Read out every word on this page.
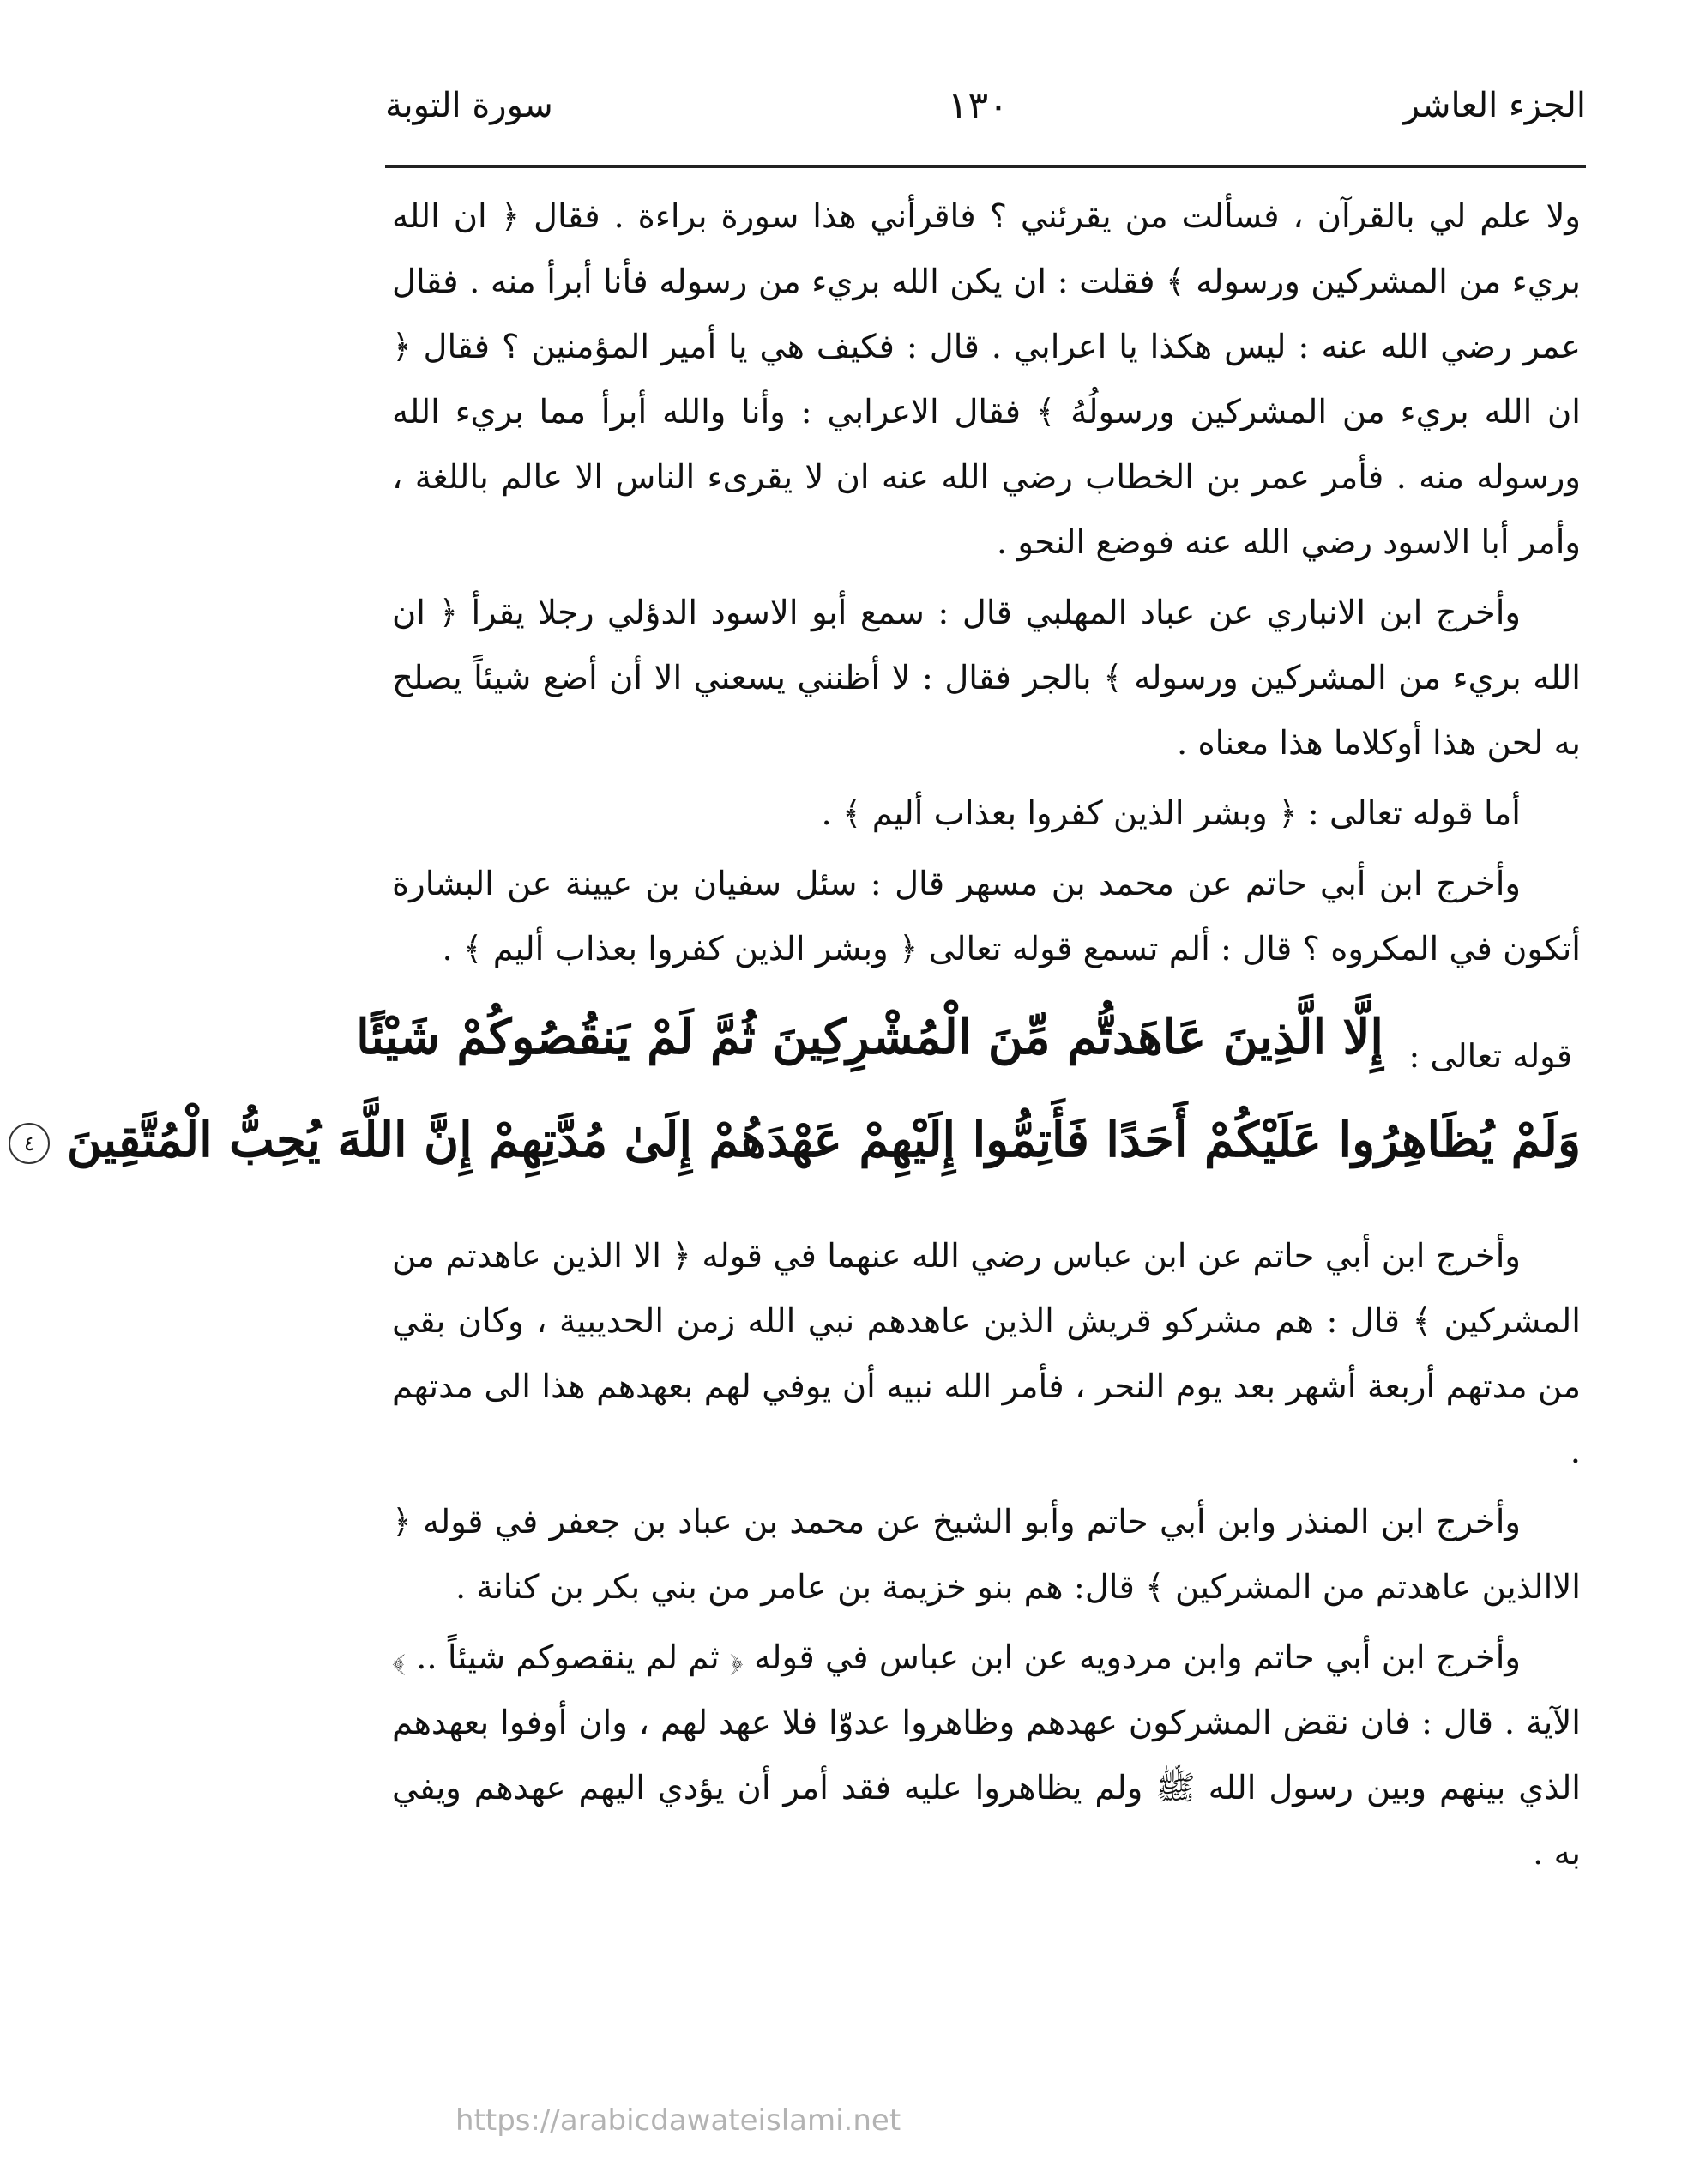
الجزء العاشر
١٣٠
سورة التوبة

ولا علم لي بالقرآن ، فسألت من يقرئني ؟ فاقرأني هذا سورة براءة . فقال ﴿ ان الله بريء من المشركين ورسوله ﴾ فقلت : ان يكن الله بريء من رسوله فأنا أبرأ منه . فقال عمر رضي الله عنه : ليس هكذا يا اعرابي . قال : فكيف هي يا أمير المؤمنين ؟ فقال ﴿ ان الله بريء من المشركين ورسولُهُ ﴾ فقال الاعرابي : وأنا والله أبرأ مما بريء الله ورسوله منه . فأمر عمر بن الخطاب رضي الله عنه ان لا يقرىء الناس الا عالم باللغة ، وأمر أبا الاسود رضي الله عنه فوضع النحو .

وأخرج ابن الانباري عن عباد المهلبي قال : سمع أبو الاسود الدؤلي رجلا يقرأ ﴿ ان الله بريء من المشركين ورسوله ﴾ بالجر فقال : لا أظنني يسعني الا أن أضع شيئاً يصلح به لحن هذا أوكلاما هذا معناه .

أما قوله تعالى : ﴿ وبشر الذين كفروا بعذاب أليم ﴾ .

وأخرج ابن أبي حاتم عن محمد بن مسهر قال : سئل سفيان بن عيينة عن البشارة أتكون في المكروه ؟ قال : ألم تسمع قوله تعالى ﴿ وبشر الذين كفروا بعذاب أليم ﴾ .

قوله تعالى :
إِلَّا الَّذِينَ عَاهَدتُّم مِّنَ الْمُشْرِكِينَ ثُمَّ لَمْ يَنقُصُوكُمْ شَيْئًا
وَلَمْ يُظَاهِرُوا عَلَيْكُمْ أَحَدًا فَأَتِمُّوا إِلَيْهِمْ عَهْدَهُمْ إِلَىٰ مُدَّتِهِمْ إِنَّ اللَّهَ يُحِبُّ الْمُتَّقِينَ ٤

وأخرج ابن أبي حاتم عن ابن عباس رضي الله عنهما في قوله ﴿ الا الذين عاهدتم من المشركين ﴾ قال : هم مشركو قريش الذين عاهدهم نبي الله زمن الحديبية ، وكان بقي من مدتهم أربعة أشهر بعد يوم النحر ، فأمر الله نبيه أن يوفي لهم بعهدهم هذا الى مدتهم .

وأخرج ابن المنذر وابن أبي حاتم وأبو الشيخ عن محمد بن عباد بن جعفر في قوله ﴿ الاالذين عاهدتم من المشركين ﴾ قال: هم بنو خزيمة بن عامر من بني بكر بن كنانة .

وأخرج ابن أبي حاتم وابن مردويه عن ابن عباس في قوله ﴿ ثم لم ينقصوكم شيئاً .. ﴾ الآية . قال : فان نقض المشركون عهدهم وظاهروا عدوّا فلا عهد لهم ، وان أوفوا بعهدهم الذي بينهم وبين رسول الله ﷺ ولم يظاهروا عليه فقد أمر أن يؤدي اليهم عهدهم ويفي به .

https://arabicdawateislami.net
